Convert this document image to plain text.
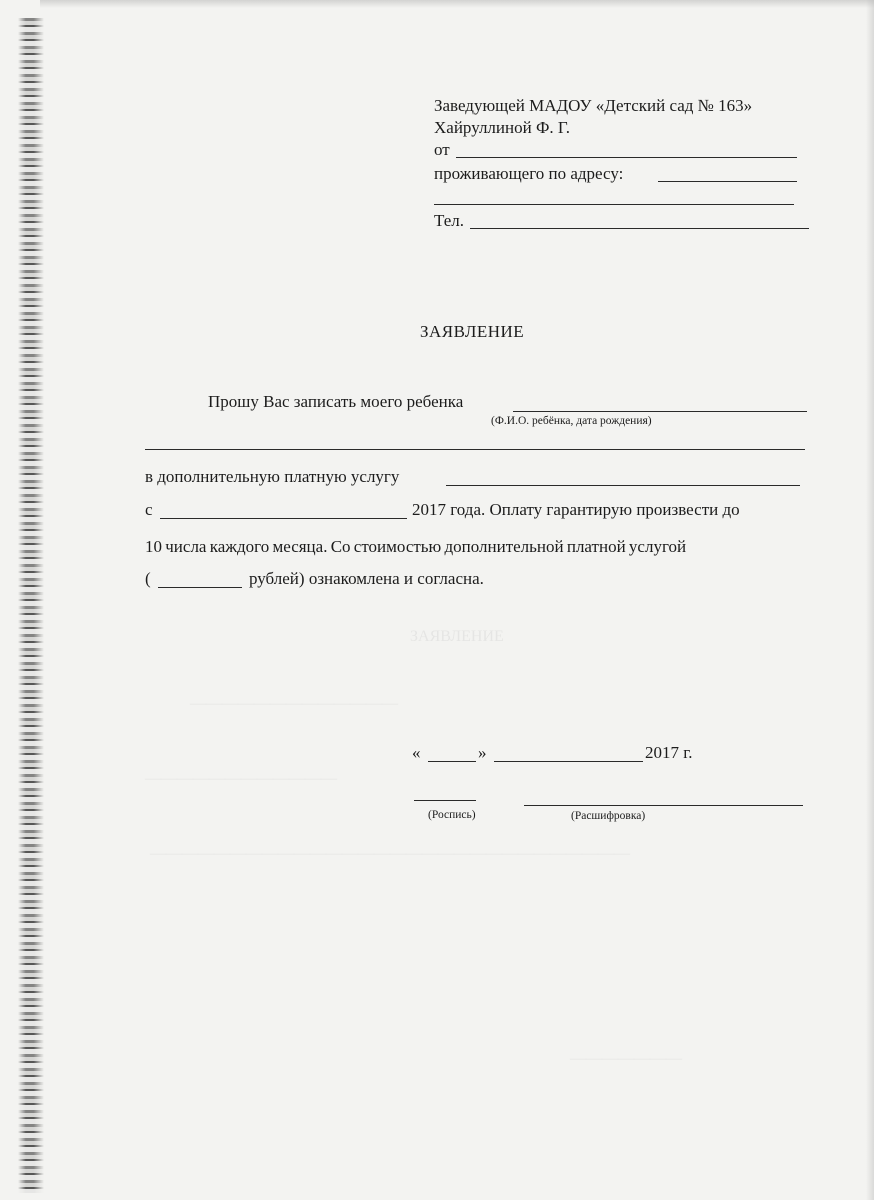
ЗАЯВЛЕНИЕ
—————————————
————————————
——————————————————————————————
———————
Заведующей МАДОУ «Детский сад № 163»
Хайруллиной Ф. Г.
от
проживающего по адресу:
Тел.
ЗАЯВЛЕНИЕ
Прошу Вас записать моего ребенка
(Ф.И.О. ребёнка, дата рождения)
в дополнительную платную услугу
с	2017 года. Оплату гарантирую произвести до
10 числа каждого месяца. Со стоимостью дополнительной платной услугой
(	рублей) ознакомлена и согласна.
«	»	2017 г.
(Роспись)	(Расшифровка)
